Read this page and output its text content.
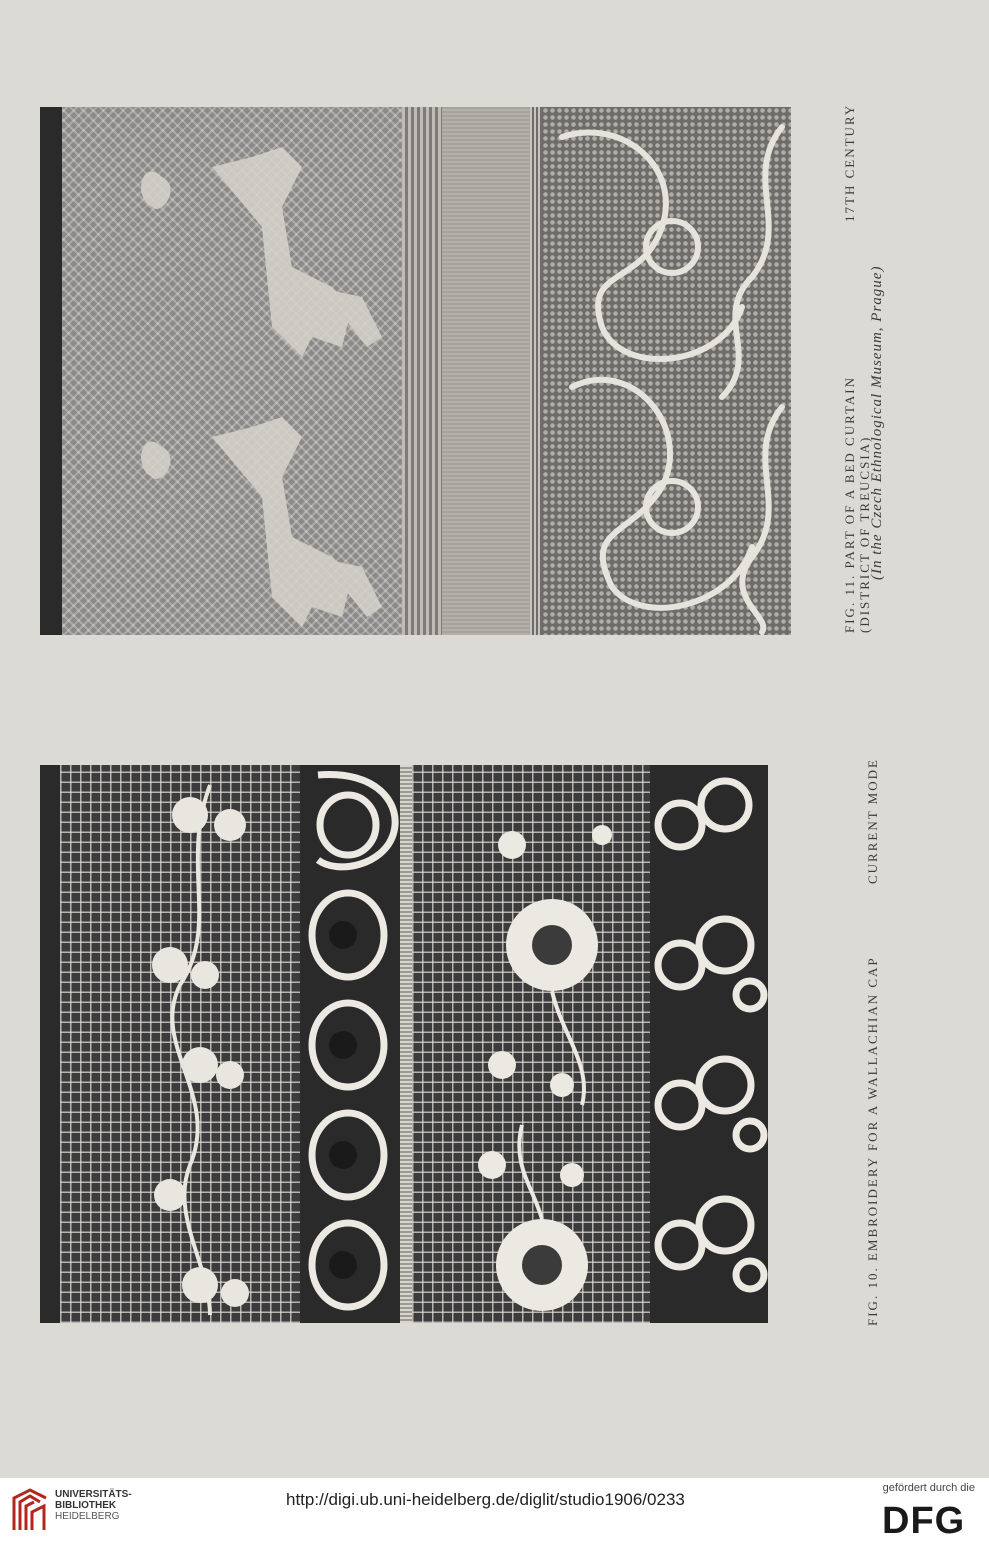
FIG. 11. PART OF A BED CURTAIN
17TH CENTURY
(DISTRICT OF TREUCSIA)
(In the Czech Ethnological Museum, Prague)
FIG. 10. EMBROIDERY FOR A WALLACHIAN CAP
CURRENT MODE
UNIVERSITÄTS-
BIBLIOTHEK
HEIDELBERG
http://digi.ub.uni-heidelberg.de/diglit/studio1906/0233
gefördert durch die
DFG
